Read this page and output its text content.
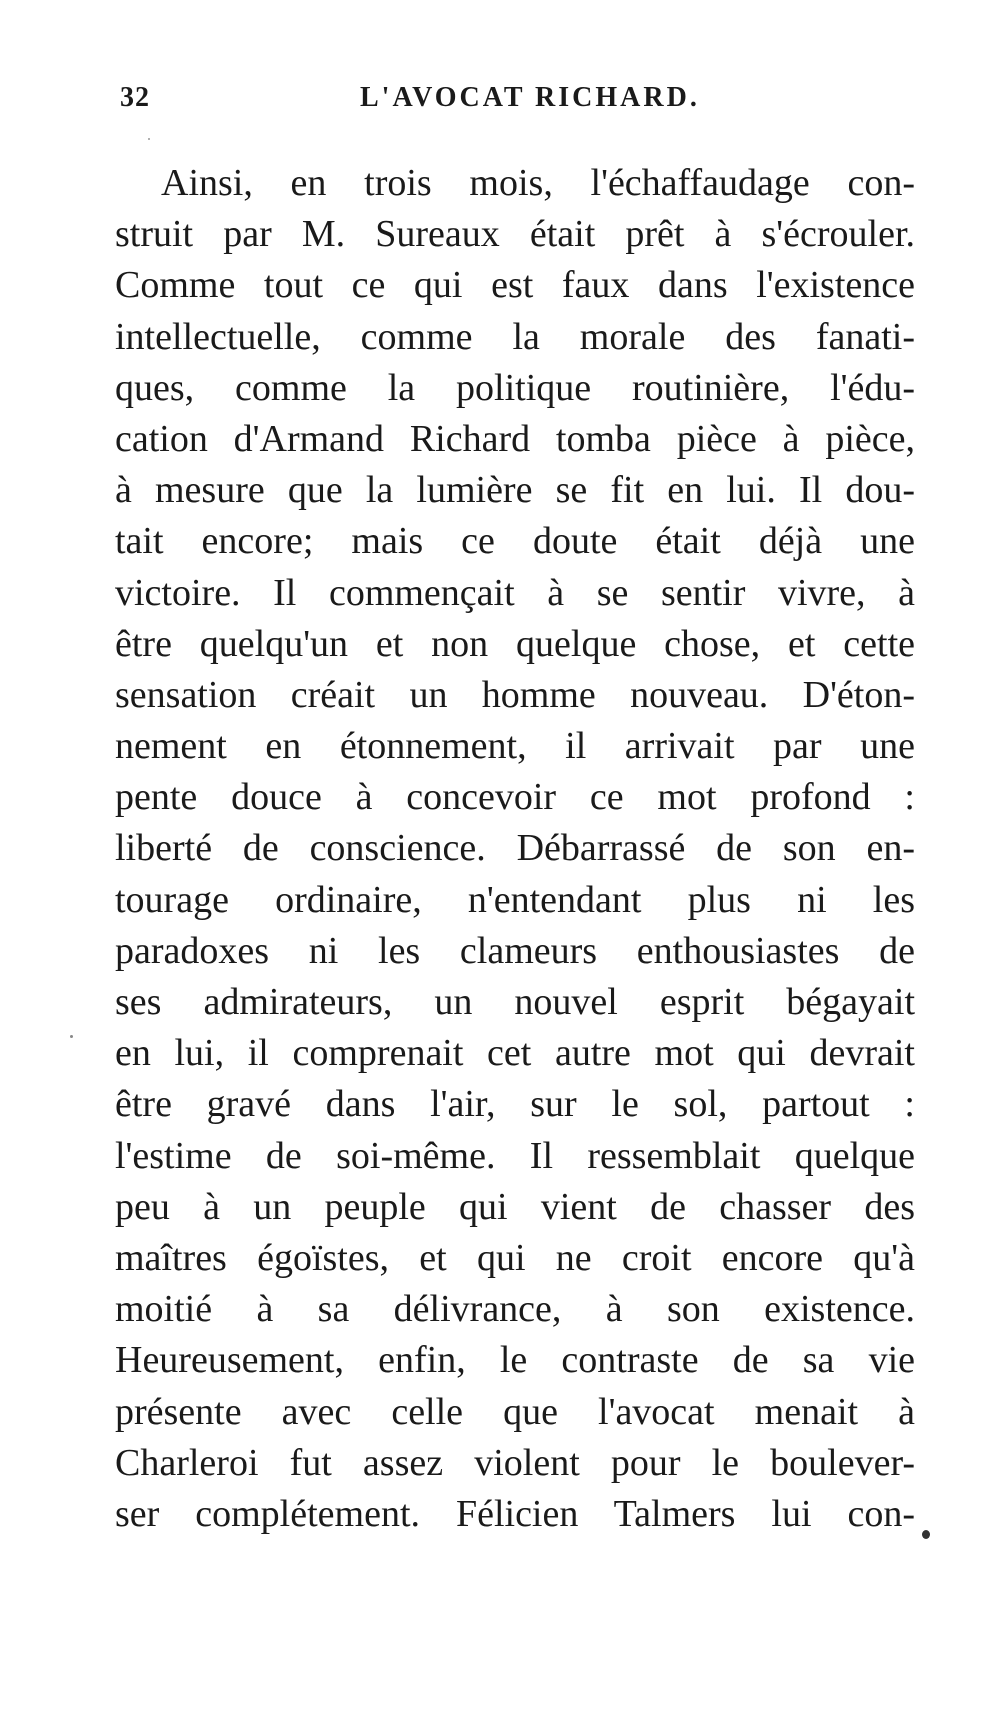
32	L'AVOCAT RICHARD.
Ainsi, en trois mois, l'échaffaudage con-
struit par M. Sureaux était prêt à s'écrouler.
Comme tout ce qui est faux dans l'existence
intellectuelle, comme la morale des fanati-
ques, comme la politique routinière, l'édu-
cation d'Armand Richard tomba pièce à pièce,
à mesure que la lumière se fit en lui. Il dou-
tait encore; mais ce doute était déjà une
victoire. Il commençait à se sentir vivre, à
être quelqu'un et non quelque chose, et cette
sensation créait un homme nouveau. D'éton-
nement en étonnement, il arrivait par une
pente douce à concevoir ce mot profond :
liberté de conscience. Débarrassé de son en-
tourage ordinaire, n'entendant plus ni les
paradoxes ni les clameurs enthousiastes de
ses admirateurs, un nouvel esprit bégayait
en lui, il comprenait cet autre mot qui devrait
être gravé dans l'air, sur le sol, partout :
l'estime de soi-même. Il ressemblait quelque
peu à un peuple qui vient de chasser des
maîtres égoïstes, et qui ne croit encore qu'à
moitié à sa délivrance, à son existence.
Heureusement, enfin, le contraste de sa vie
présente avec celle que l'avocat menait à
Charleroi fut assez violent pour le boulever-
ser complétement. Félicien Talmers lui con-
